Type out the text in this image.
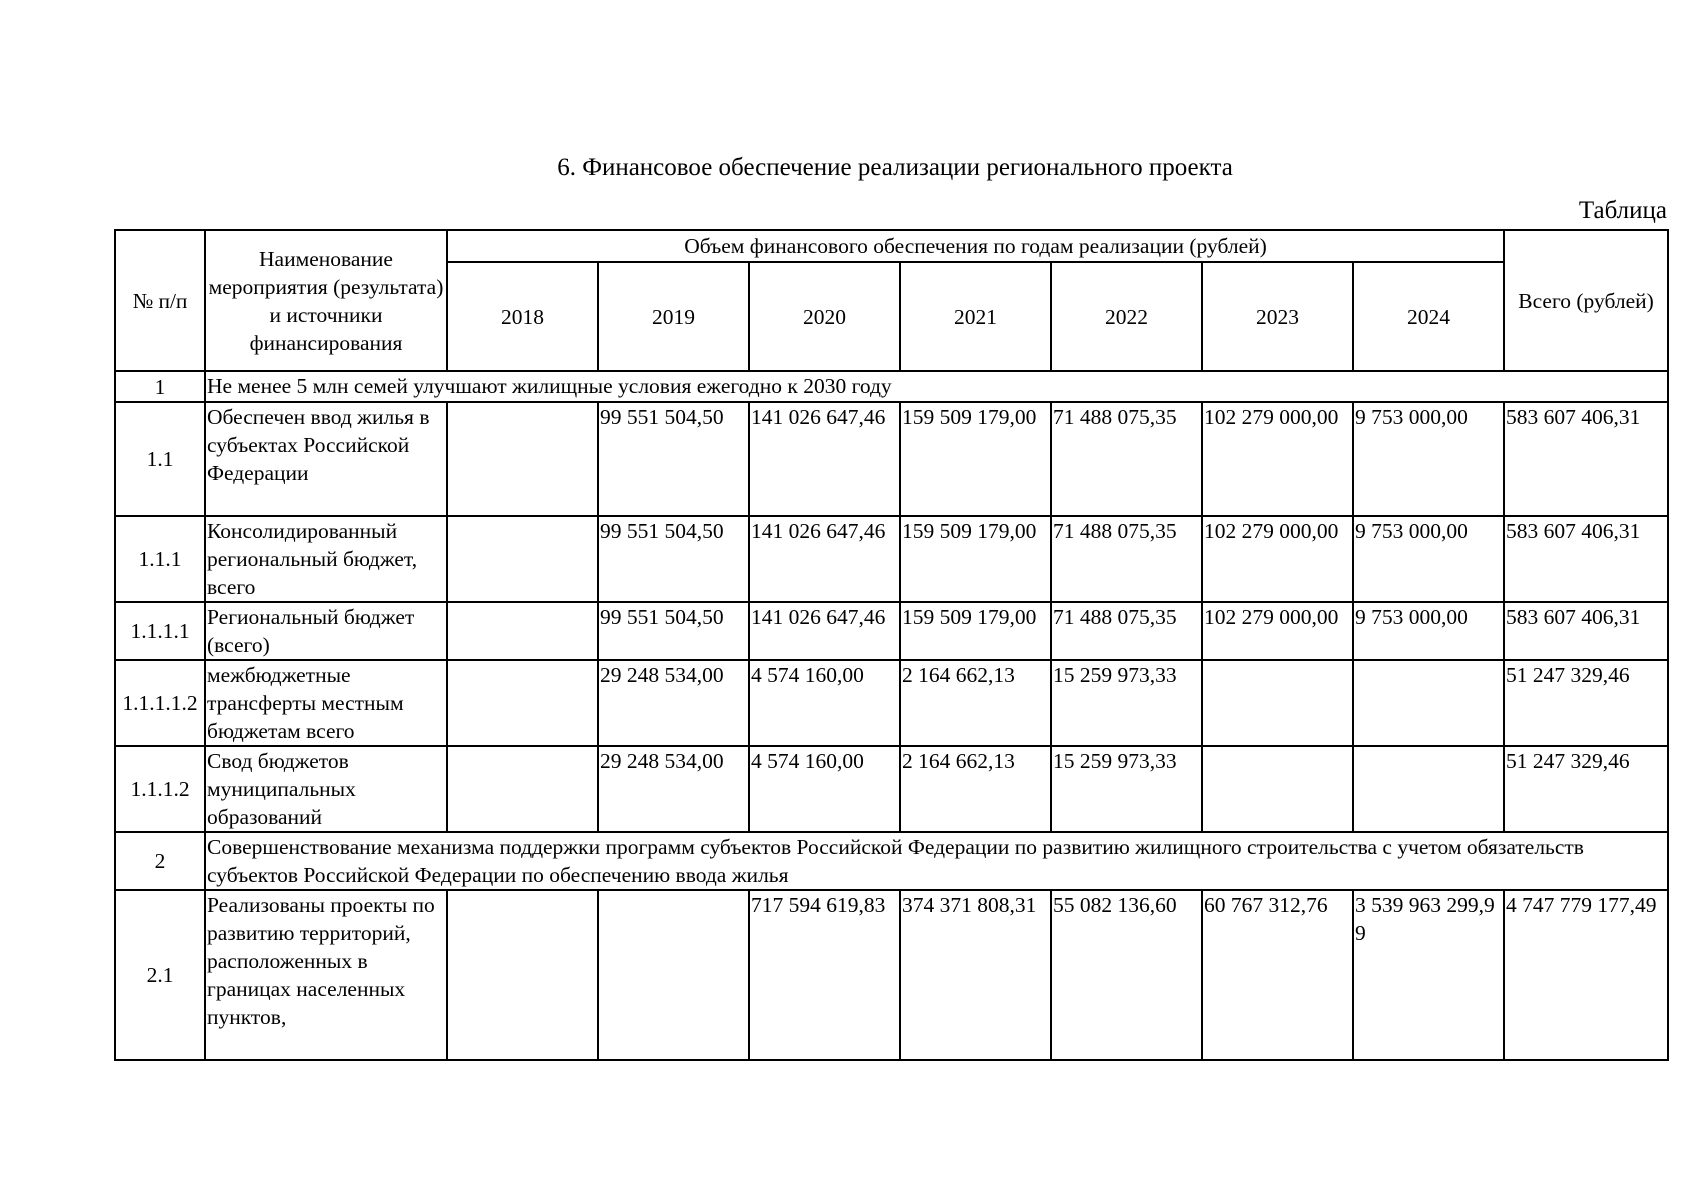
6. Финансовое обеспечение реализации регионального проекта
Таблица
№ п/п	Наименование мероприятия (результата) и источники финансирования	Объем финансового обеспечения по годам реализации (рублей)							Всего (рублей)
		2018	2019	2020	2021	2022	2023	2024	
1	Не менее 5 млн семей улучшают жилищные условия ежегодно к 2030 году								
1.1	Обеспечен ввод жилья в субъектах Российской Федерации		99 551 504,50	141 026 647,46	159 509 179,00	71 488 075,35	102 279 000,00	9 753 000,00	583 607 406,31
1.1.1	Консолидированный региональный бюджет, всего		99 551 504,50	141 026 647,46	159 509 179,00	71 488 075,35	102 279 000,00	9 753 000,00	583 607 406,31
1.1.1.1	Региональный бюджет (всего)		99 551 504,50	141 026 647,46	159 509 179,00	71 488 075,35	102 279 000,00	9 753 000,00	583 607 406,31
1.1.1.1.2	межбюджетные трансферты местным бюджетам всего		29 248 534,00	4 574 160,00	2 164 662,13	15 259 973,33			51 247 329,46
1.1.1.2	Свод бюджетов муниципальных образований		29 248 534,00	4 574 160,00	2 164 662,13	15 259 973,33			51 247 329,46
2	Совершенствование механизма поддержки программ субъектов Российской Федерации по развитию жилищного строительства с учетом обязательств субъектов Российской Федерации по обеспечению ввода жилья								
2.1	Реализованы проекты по развитию территорий, расположенных в границах населенных пунктов,			717 594 619,83	374 371 808,31	55 082 136,60	60 767 312,76	3 539 963 299,99	4 747 779 177,49
